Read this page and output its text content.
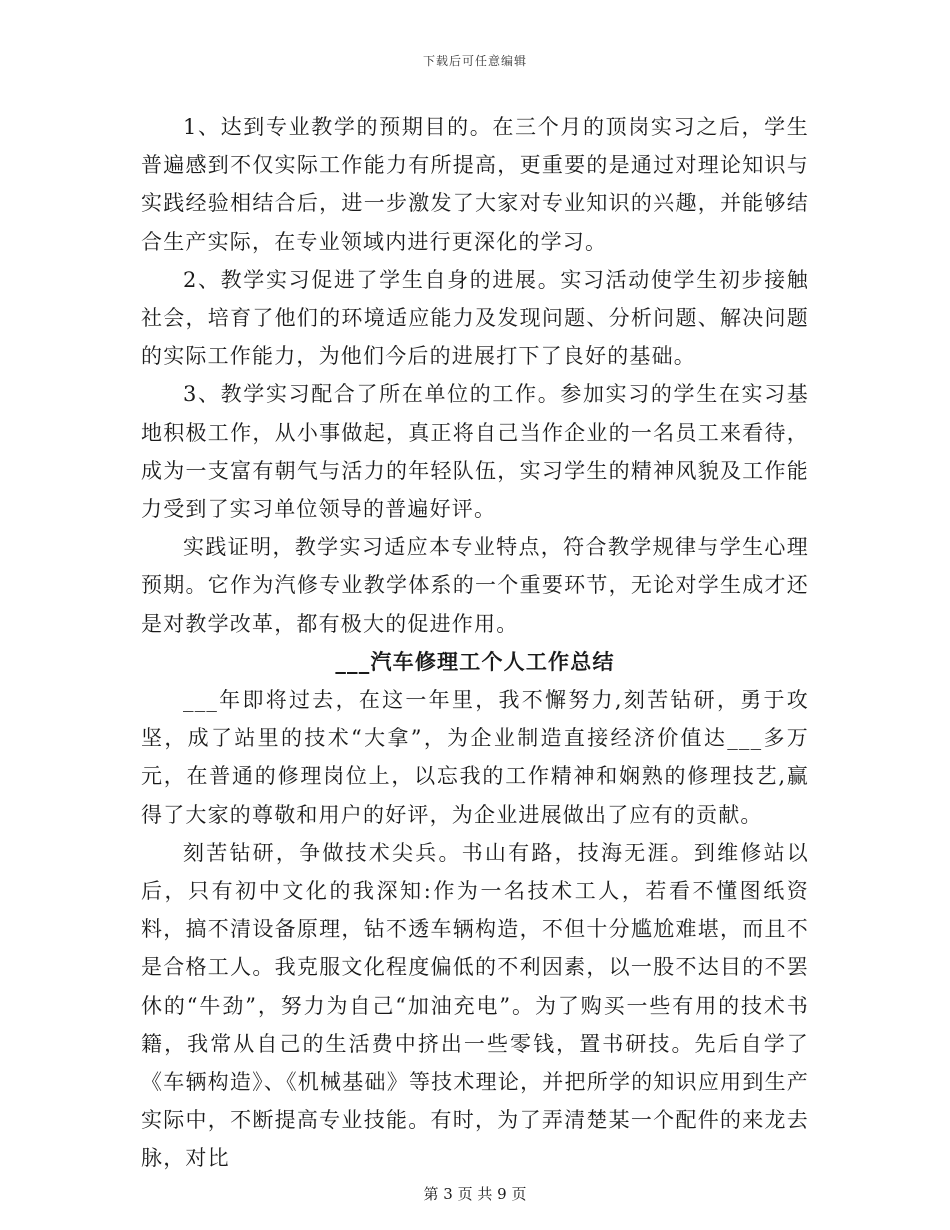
下载后可任意编辑

1、达到专业教学的预期目的。在三个月的顶岗实习之后，学生普遍感到不仅实际工作能力有所提高，更重要的是通过对理论知识与实践经验相结合后，进一步激发了大家对专业知识的兴趣，并能够结合生产实际，在专业领域内进行更深化的学习。

2、教学实习促进了学生自身的进展。实习活动使学生初步接触社会，培育了他们的环境适应能力及发现问题、分析问题、解决问题的实际工作能力，为他们今后的进展打下了良好的基础。

3、教学实习配合了所在单位的工作。参加实习的学生在实习基地积极工作，从小事做起，真正将自己当作企业的一名员工来看待，成为一支富有朝气与活力的年轻队伍，实习学生的精神风貌及工作能力受到了实习单位领导的普遍好评。

实践证明，教学实习适应本专业特点，符合教学规律与学生心理预期。它作为汽修专业教学体系的一个重要环节，无论对学生成才还是对教学改革，都有极大的促进作用。

___汽车修理工个人工作总结

___年即将过去，在这一年里，我不懈努力,刻苦钻研，勇于攻坚，成了站里的技术“大拿”，为企业制造直接经济价值达___多万元，在普通的修理岗位上，以忘我的工作精神和娴熟的修理技艺,赢得了大家的尊敬和用户的好评，为企业进展做出了应有的贡献。

刻苦钻研，争做技术尖兵。书山有路，技海无涯。到维修站以后，只有初中文化的我深知:作为一名技术工人，若看不懂图纸资料，搞不清设备原理，钻不透车辆构造，不但十分尴尬难堪，而且不是合格工人。我克服文化程度偏低的不利因素，以一股不达目的不罢休的“牛劲”，努力为自己“加油充电”。为了购买一些有用的技术书籍，我常从自己的生活费中挤出一些零钱，置书研技。先后自学了《车辆构造》、《机械基础》等技术理论，并把所学的知识应用到生产实际中，不断提高专业技能。有时，为了弄清楚某一个配件的来龙去脉，对比

第 3 页 共 9 页
